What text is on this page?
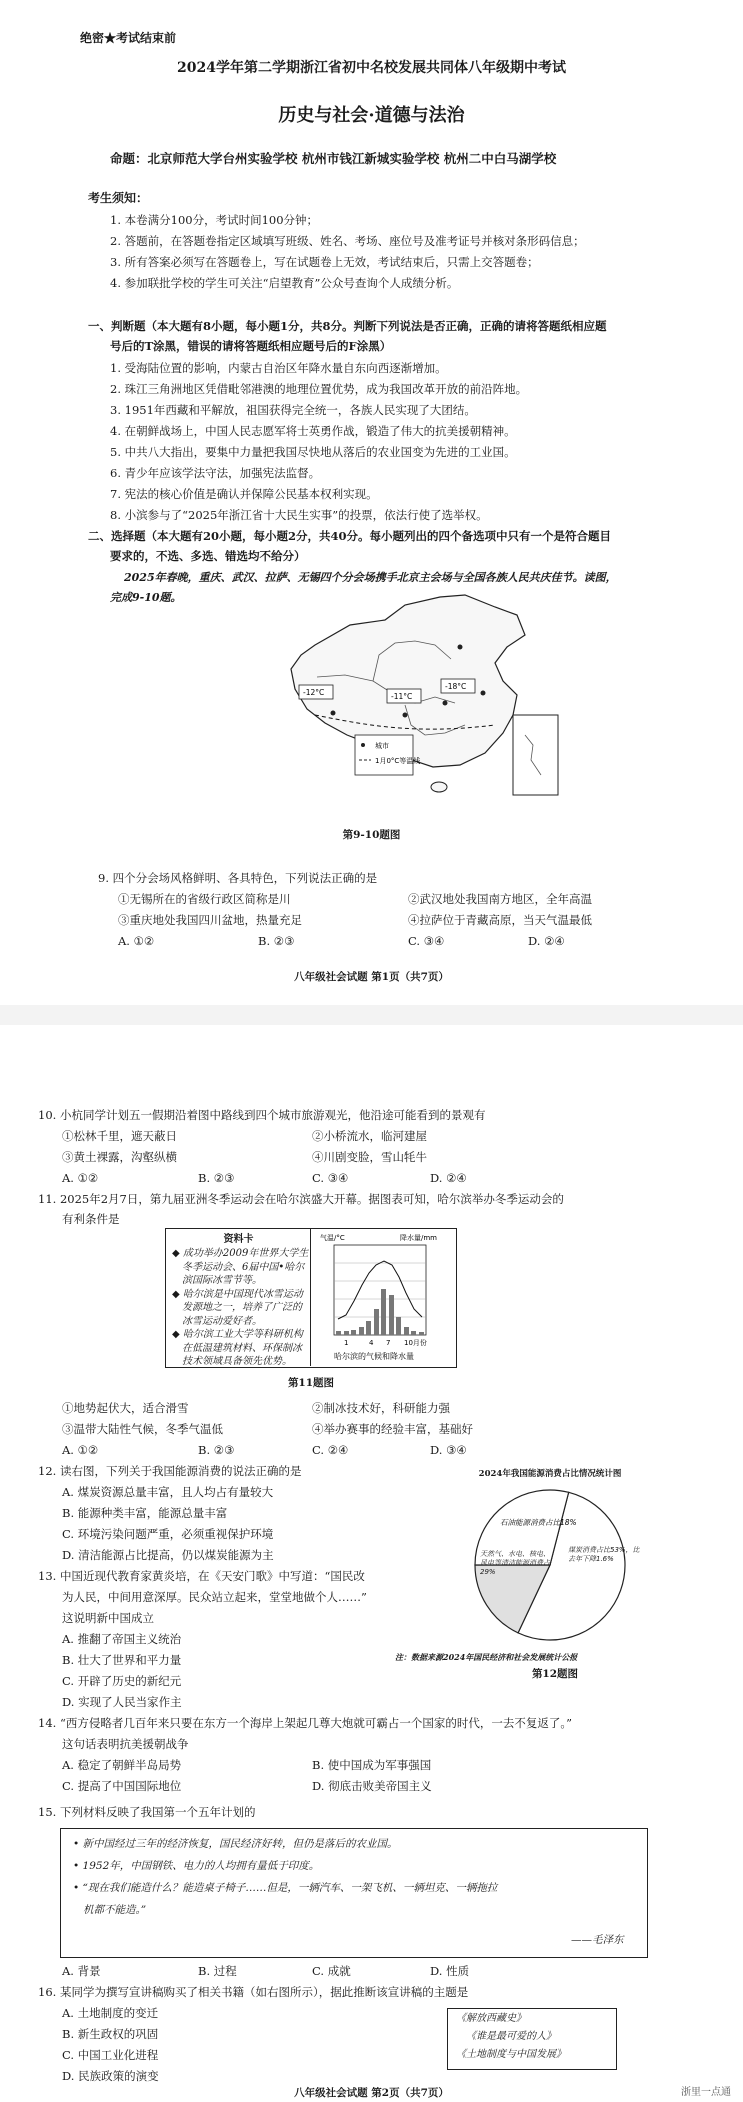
绝密★考试结束前
2024学年第二学期浙江省初中名校发展共同体八年级期中考试
历史与社会·道德与法治
命题：北京师范大学台州实验学校 杭州市钱江新城实验学校 杭州二中白马湖学校
考生须知：
1. 本卷满分100分，考试时间100分钟；
2. 答题前，在答题卷指定区域填写班级、姓名、考场、座位号及准考证号并核对条形码信息；
3. 所有答案必须写在答题卷上，写在试题卷上无效，考试结束后，只需上交答题卷；
4. 参加联批学校的学生可关注“启望教育”公众号查询个人成绩分析。
一、判断题（本大题有8小题，每小题1分，共8分。判断下列说法是否正确，正确的请将答题纸相应题
号后的T涂黑，错误的请将答题纸相应题号后的F涂黑）
1. 受海陆位置的影响，内蒙古自治区年降水量自东向西逐渐增加。
2. 珠江三角洲地区凭借毗邻港澳的地理位置优势，成为我国改革开放的前沿阵地。
3. 1951年西藏和平解放，祖国获得完全统一，各族人民实现了大团结。
4. 在朝鲜战场上，中国人民志愿军将士英勇作战，锻造了伟大的抗美援朝精神。
5. 中共八大指出，要集中力量把我国尽快地从落后的农业国变为先进的工业国。
6. 青少年应该学法守法，加强宪法监督。
7. 宪法的核心价值是确认并保障公民基本权利实现。
8. 小滨参与了“2025年浙江省十大民生实事”的投票，依法行使了选举权。
二、选择题（本大题有20小题，每小题2分，共40分。每小题列出的四个备选项中只有一个是符合题目
要求的，不选、多选、错选均不给分）
2025年春晚，重庆、武汉、拉萨、无锡四个分会场携手北京主会场与全国各族人民共庆佳节。读图，
完成9-10题。
城市
1月0°C等温线
-12°C	-11°C
-18°C
第9-10题图
9. 四个分会场风格鲜明、各具特色，下列说法正确的是
①无锡所在的省级行政区简称是川	②武汉地处我国南方地区，全年高温
③重庆地处我国四川盆地，热量充足	④拉萨位于青藏高原，当天气温最低
A. ①②	B. ②③	C. ③④	D. ②④
八年级社会试题 第1页（共7页）
10. 小杭同学计划五一假期沿着图中路线到四个城市旅游观光，他沿途可能看到的景观有
①松林千里，遮天蔽日	②小桥流水，临河建屋
③黄土裸露，沟壑纵横	④川剧变脸，雪山牦牛
A. ①②	B. ②③	C. ③④	D. ②④
11. 2025年2月7日，第九届亚洲冬季运动会在哈尔滨盛大开幕。据图表可知，哈尔滨举办冬季运动会的
有利条件是
资料卡
◆ 成功举办2009年世界大学生
冬季运动会、6届中国•哈尔
滨国际冰雪节等。
◆ 哈尔滨是中国现代冰雪运动
发源地之一，培养了广泛的
冰雪运动爱好者。
◆ 哈尔滨工业大学等科研机构
在低温建筑材料、环保制冰
技术领域具备领先优势。
气温/°C	降水量/mm
1	4 7 10月份
哈尔滨的气候和降水量
第11题图
①地势起伏大，适合滑雪	②制冰技术好，科研能力强
③温带大陆性气候，冬季气温低	④举办赛事的经验丰富，基础好
A. ①②	B. ②③	C. ②④	D. ③④
12. 读右图，下列关于我国能源消费的说法正确的是
A. 煤炭资源总量丰富，且人均占有量较大
B. 能源种类丰富，能源总量丰富
C. 环境污染问题严重，必须重视保护环境
D. 清洁能源占比提高，仍以煤炭能源为主
2024年我国能源消费占比情况统计图
石油能源消费占比18%
天然气、水电、核电、风电等清洁能源消费占29%
煤炭消费占比53%，比去年下降1.6%
注：数据来源2024年国民经济和社会发展统计公报
第12题图
13. 中国近现代教育家黄炎培，在《天安门歌》中写道：“国民改
为人民，中间用意深厚。民众站立起来，堂堂地做个人……”
这说明新中国成立
A. 推翻了帝国主义统治
B. 壮大了世界和平力量
C. 开辟了历史的新纪元
D. 实现了人民当家作主
14. “西方侵略者几百年来只要在东方一个海岸上架起几尊大炮就可霸占一个国家的时代，一去不复返了。”
这句话表明抗美援朝战争
A. 稳定了朝鲜半岛局势	B. 使中国成为军事强国
C. 提高了中国国际地位	D. 彻底击败美帝国主义
15. 下列材料反映了我国第一个五年计划的
• 新中国经过三年的经济恢复，国民经济好转，但仍是落后的农业国。
• 1952年，中国钢铁、电力的人均拥有量低于印度。
• “现在我们能造什么？能造桌子椅子……但是，一辆汽车、一架飞机、一辆坦克、一辆拖拉
机都不能造。”
——毛泽东
A. 背景	B. 过程	C. 成就	D. 性质
16. 某同学为撰写宣讲稿购买了相关书籍（如右图所示），据此推断该宣讲稿的主题是
A. 土地制度的变迁
B. 新生政权的巩固
C. 中国工业化进程
D. 民族政策的演变
《解放西藏史》
《谁是最可爱的人》
《土地制度与中国发展》
八年级社会试题 第2页（共7页）	浙里一点通
